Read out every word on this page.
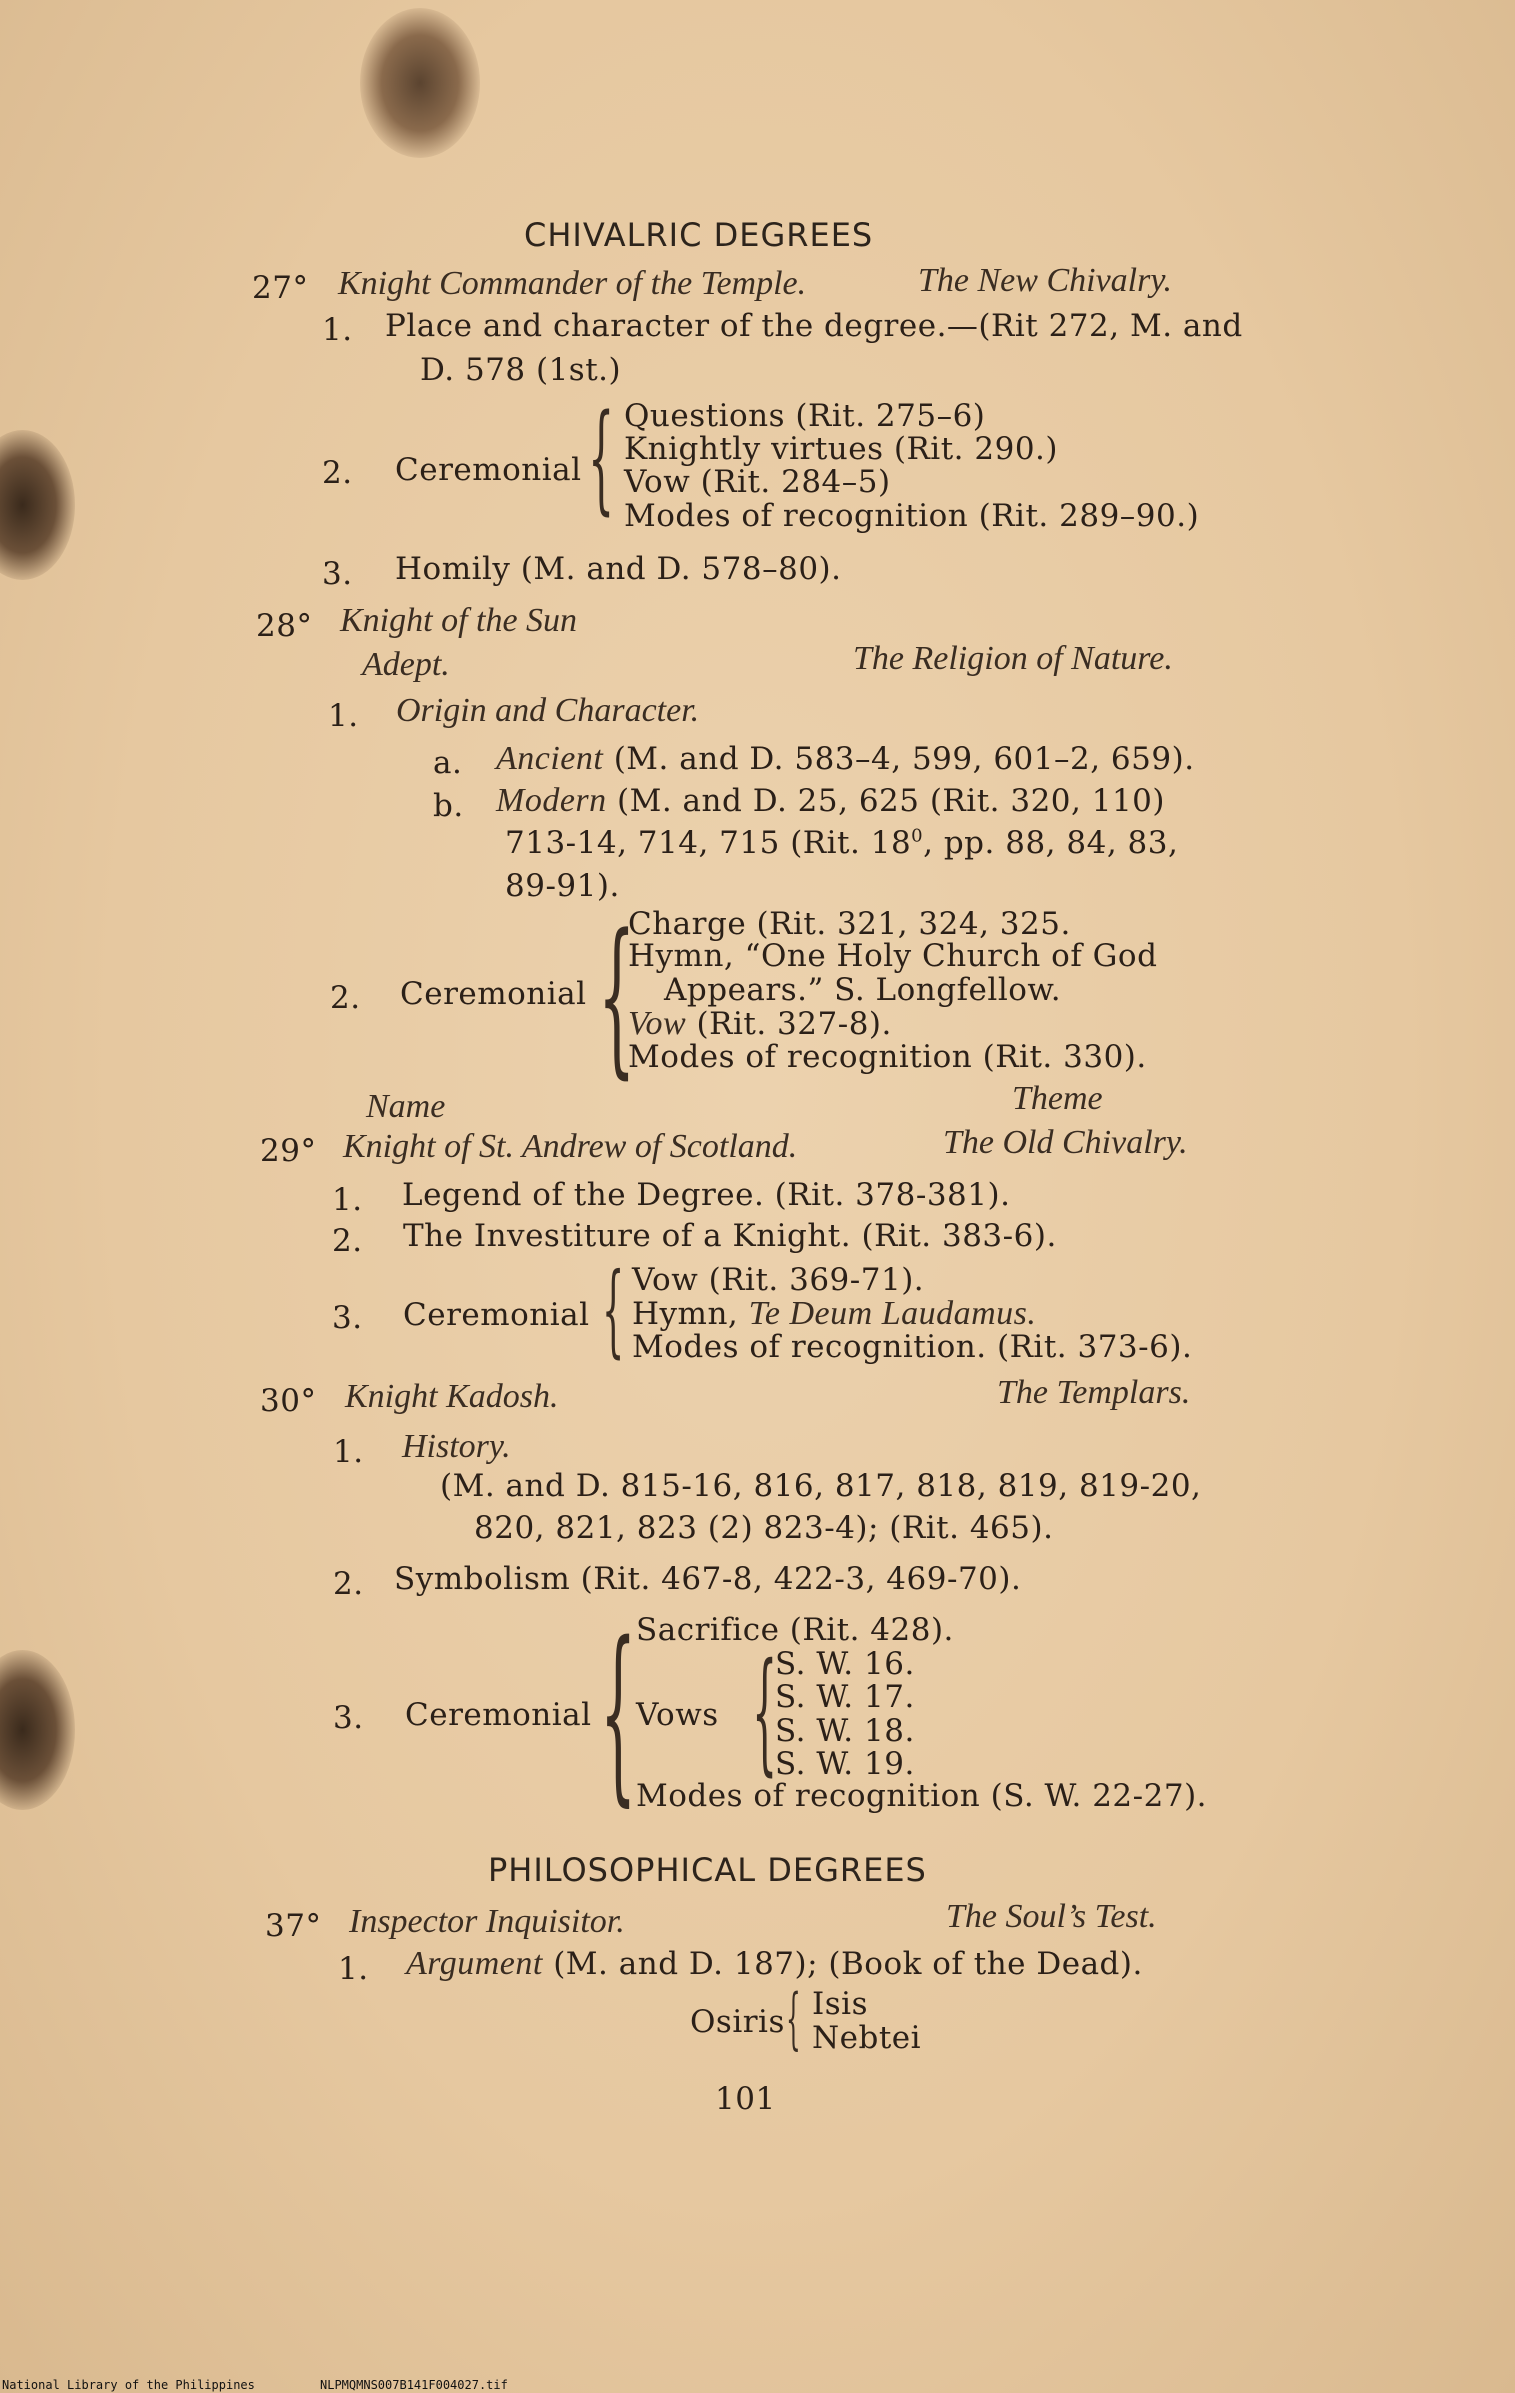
CHIVALRIC DEGREES
27° Knight Commander of the Temple.	The New Chivalry.
1. Place and character of the degree.—(Rit 272, M. and
D. 578 (1st.)
2. Ceremonial { Questions (Rit. 275–6)
Knightly virtues (Rit. 290.)
Vow (Rit. 284–5)
Modes of recognition (Rit. 289–90.)
3. Homily (M. and D. 578–80).
28° Knight of the Sun
Adept.	The Religion of Nature.
1. Origin and Character.
a. Ancient (M. and D. 583–4, 599, 601–2, 659).
b. Modern (M. and D. 25, 625 (Rit. 320, 110)
713-14, 714, 715 (Rit. $18^0$, pp. 88, 84, 83,
89-91).
2. Ceremonial {
Charge (Rit. 321, 324, 325.
Hymn, “One Holy Church of God
Appears.” S. Longfellow.
Vow (Rit. 327-8).
Modes of recognition (Rit. 330).
Name	Theme
29° Knight of St. Andrew of Scotland.	The Old Chivalry.
1. Legend of the Degree. (Rit. 378-381).
2. The Investiture of a Knight. (Rit. 383-6).
3. Ceremonial { Vow (Rit. 369-71).
Hymn, Te Deum Laudamus.
Modes of recognition. (Rit. 373-6).
30° Knight Kadosh.	The Templars.
1. History.
(M. and D. 815-16, 816, 817, 818, 819, 819-20,
820, 821, 823 (2) 823-4); (Rit. 465).
2. Symbolism (Rit. 467-8, 422-3, 469-70).
3. Ceremonial { Sacrifice (Rit. 428).
Vows {
S. W. 16.
S. W. 17.
S. W. 18.
S. W. 19.
Modes of recognition (S. W. 22-27).
PHILOSOPHICAL DEGREES
37° Inspector Inquisitor.	The Soul’s Test.
1. Argument (M. and D. 187); (Book of the Dead).
Osiris { Isis
Nebtei
101
National Library of the Philippines	NLPMQMNS007B141F004027.tif
